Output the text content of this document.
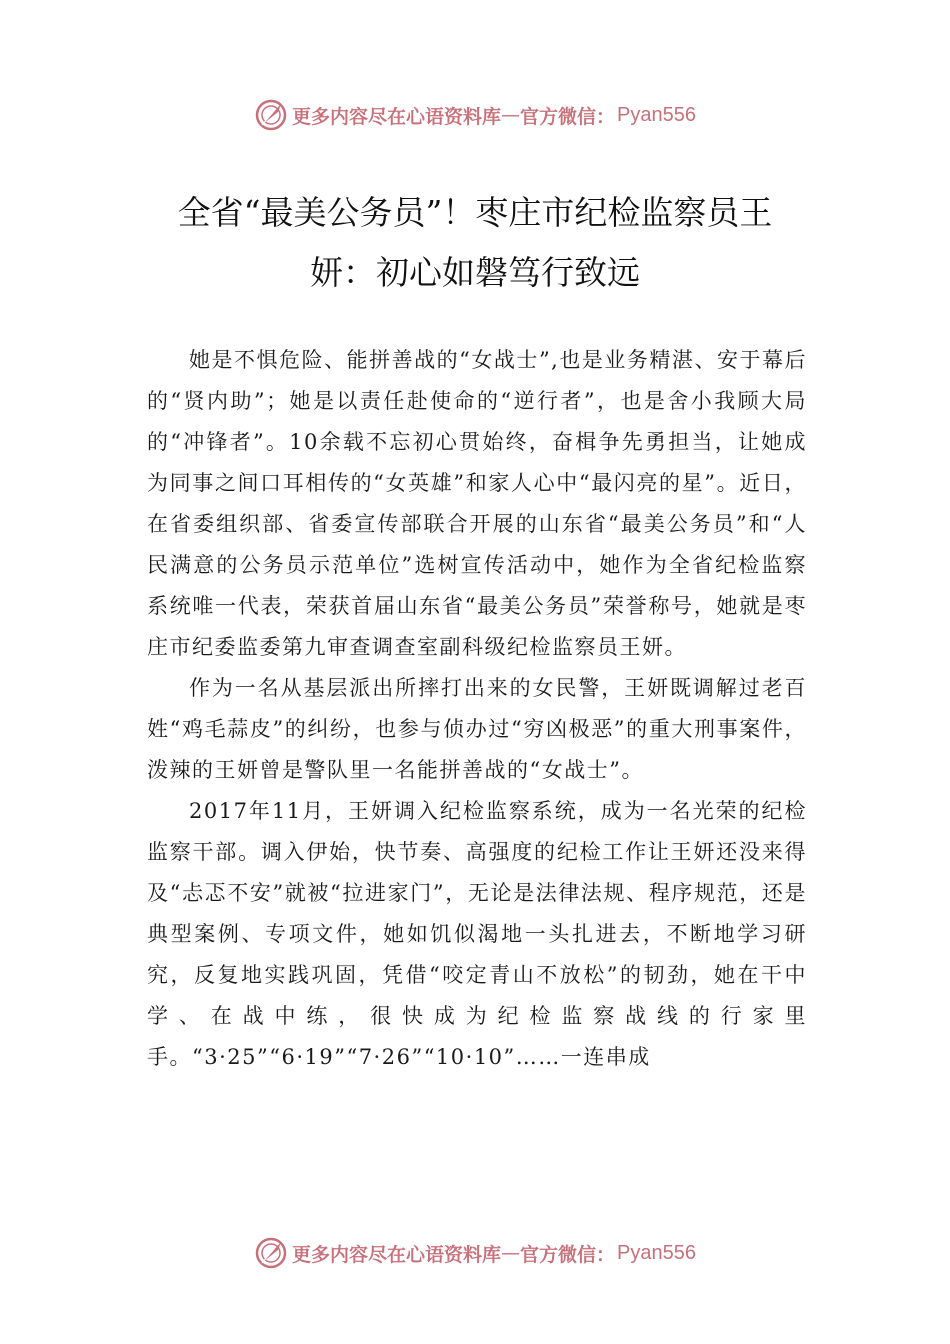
更多内容尽在心语资料库 — 官方微信： Pyan556
全省“最美公务员”！枣庄市纪检监察员王
妍：初心如磐笃行致远

她是不惧危险、能拼善战的“女战士”,也是业务精湛、安于幕后的“贤内助”；她是以责任赴使命的“逆行者”，也是舍小我顾大局的“冲锋者”。10余载不忘初心贯始终，奋楫争先勇担当，让她成为同事之间口耳相传的“女英雄”和家人心中“最闪亮的星”。近日，在省委组织部、省委宣传部联合开展的山东省“最美公务员”和“人民满意的公务员示范单位”选树宣传活动中，她作为全省纪检监察系统唯一代表，荣获首届山东省“最美公务员”荣誉称号，她就是枣庄市纪委监委第九审查调查室副科级纪检监察员王妍。

作为一名从基层派出所摔打出来的女民警，王妍既调解过老百姓“鸡毛蒜皮”的纠纷，也参与侦办过“穷凶极恶”的重大刑事案件，泼辣的王妍曾是警队里一名能拼善战的“女战士”。

2017年11月，王妍调入纪检监察系统，成为一名光荣的纪检监察干部。调入伊始，快节奏、高强度的纪检工作让王妍还没来得及“忐忑不安”就被“拉进家门”，无论是法律法规、程序规范，还是典型案例、专项文件，她如饥似渴地一头扎进去，不断地学习研究，反复地实践巩固，凭借“咬定青山不放松”的韧劲，她在干中学、在战中练，很快成为纪检监察战线的行家里手。“3·25”“6·19”“7·26”“10·10”……一连串成

更多内容尽在心语资料库 — 官方微信： Pyan556
